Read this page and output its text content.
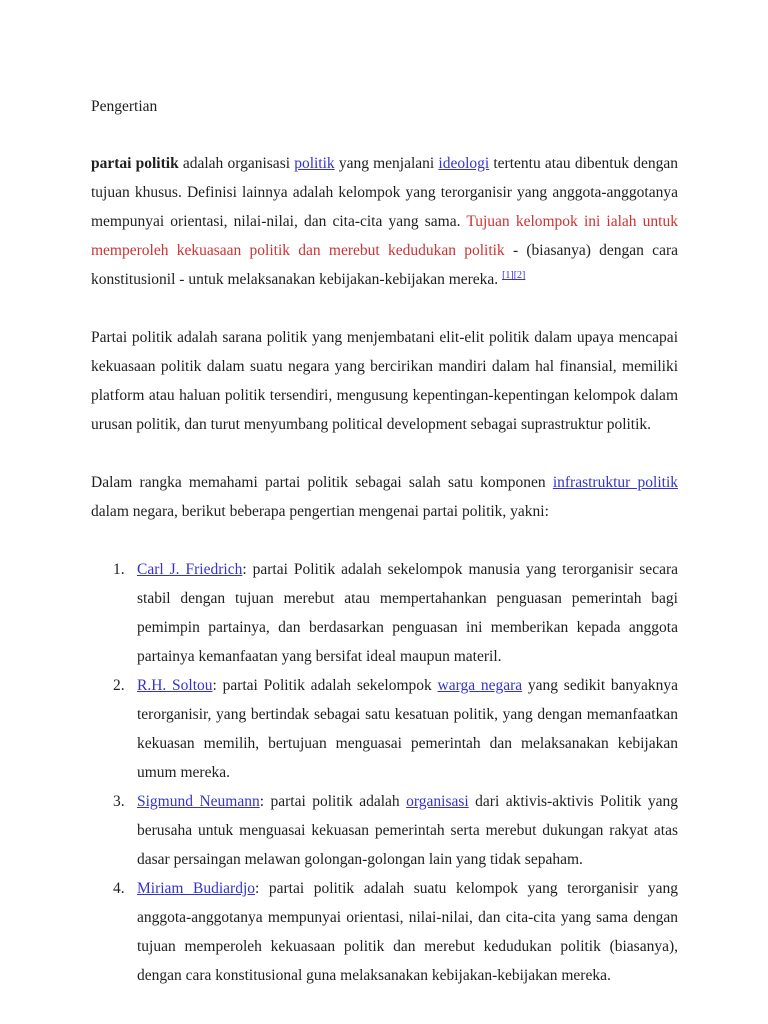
Pengertian

partai politik adalah organisasi politik yang menjalani ideologi tertentu atau dibentuk dengan tujuan khusus. Definisi lainnya adalah kelompok yang terorganisir yang anggota-anggotanya mempunyai orientasi, nilai-nilai, dan cita-cita yang sama. Tujuan kelompok ini ialah untuk memperoleh kekuasaan politik dan merebut kedudukan politik - (biasanya) dengan cara konstitusionil - untuk melaksanakan kebijakan-kebijakan mereka. [1][2]

Partai politik adalah sarana politik yang menjembatani elit-elit politik dalam upaya mencapai kekuasaan politik dalam suatu negara yang bercirikan mandiri dalam hal finansial, memiliki platform atau haluan politik tersendiri, mengusung kepentingan-kepentingan kelompok dalam urusan politik, dan turut menyumbang political development sebagai suprastruktur politik.

Dalam rangka memahami partai politik sebagai salah satu komponen infrastruktur politik dalam negara, berikut beberapa pengertian mengenai partai politik, yakni:

1. Carl J. Friedrich: partai Politik adalah sekelompok manusia yang terorganisir secara stabil dengan tujuan merebut atau mempertahankan penguasan pemerintah bagi pemimpin partainya, dan berdasarkan penguasan ini memberikan kepada anggota partainya kemanfaatan yang bersifat ideal maupun materil.
2. R.H. Soltou: partai Politik adalah sekelompok warga negara yang sedikit banyaknya terorganisir, yang bertindak sebagai satu kesatuan politik, yang dengan memanfaatkan kekuasan memilih, bertujuan menguasai pemerintah dan melaksanakan kebijakan umum mereka.
3. Sigmund Neumann: partai politik adalah organisasi dari aktivis-aktivis Politik yang berusaha untuk menguasai kekuasan pemerintah serta merebut dukungan rakyat atas dasar persaingan melawan golongan-golongan lain yang tidak sepaham.
4. Miriam Budiardjo: partai politik adalah suatu kelompok yang terorganisir yang anggota-anggotanya mempunyai orientasi, nilai-nilai, dan cita-cita yang sama dengan tujuan memperoleh kekuasaan politik dan merebut kedudukan politik (biasanya), dengan cara konstitusional guna melaksanakan kebijakan-kebijakan mereka.
